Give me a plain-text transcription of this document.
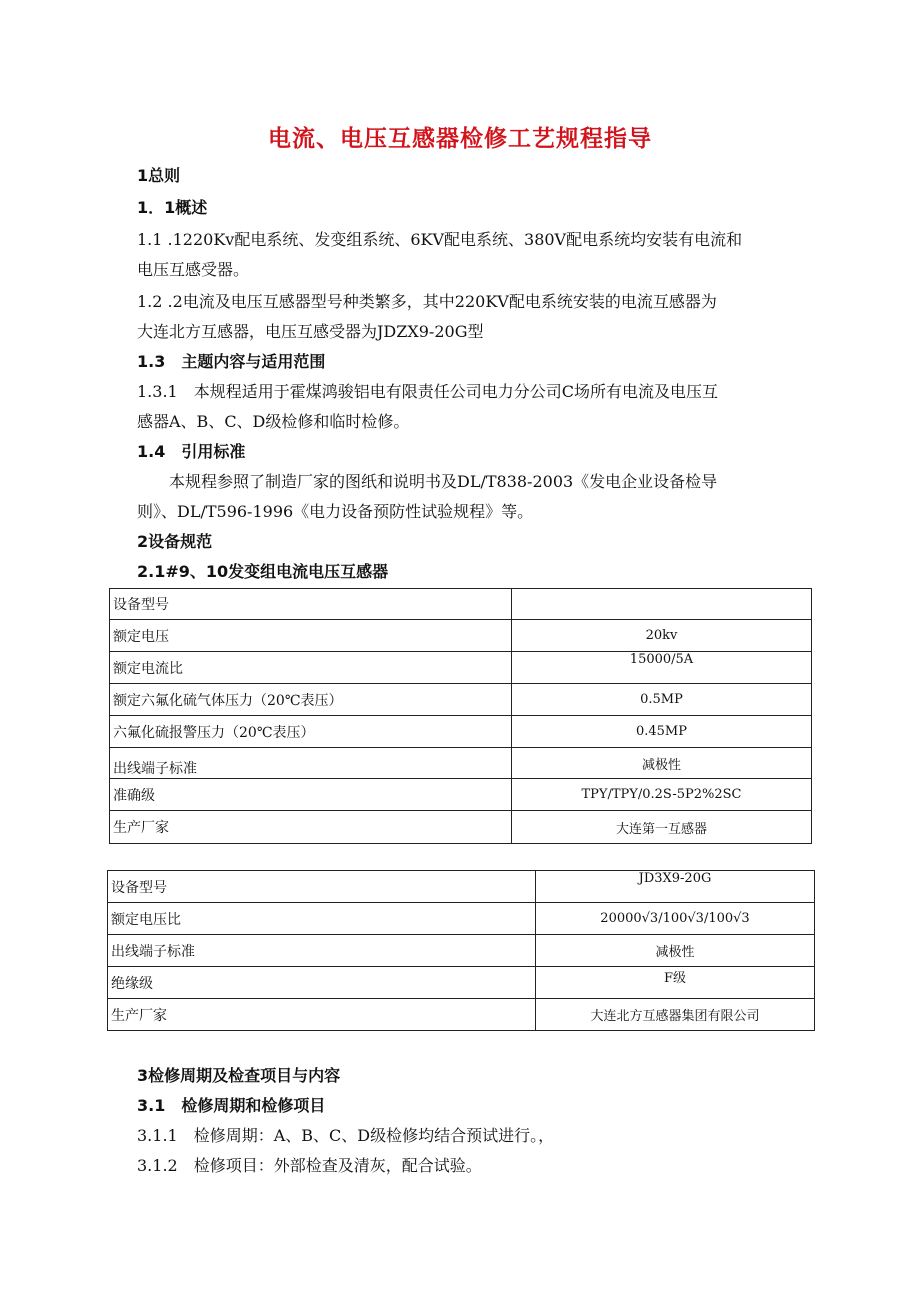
电流、电压互感器检修工艺规程指导
1总则
1．1概述
1.1 .1220Kv配电系统、发变组系统、6KV配电系统、380V配电系统均安装有电流和
电压互感受器。
1.2 .2电流及电压互感器型号种类繁多，其中220KV配电系统安装的电流互感器为
大连北方互感器，电压互感受器为JDZX9-20G型
1.3　主题内容与适用范围
1.3.1　本规程适用于霍煤鸿骏铝电有限责任公司电力分公司C场所有电流及电压互
感器A、B、C、D级检修和临时检修。
1.4　引用标准
　　本规程参照了制造厂家的图纸和说明书及DL/T838-2003《发电企业设备检导
则》、DL/T596-1996《电力设备预防性试验规程》等。
2设备规范
2.1#9、10发变组电流电压互感器
设备型号	
额定电压	20kv
额定电流比	15000/5A
额定六氟化硫气体压力（20℃表压）	0.5MP
六氟化硫报警压力（20℃表压）	0.45MP
出线端子标准	减极性
准确级	TPY/TPY/0.2S-5P2%2SC
生产厂家	大连第一互感器
设备型号	JD3X9-20G
额定电压比	20000√3/100√3/100√3
出线端子标准	减极性
绝缘级	F级
生产厂家	大连北方互感器集团有限公司
3检修周期及检查项目与内容
3.1　检修周期和检修项目
3.1.1　检修周期：A、B、C、D级检修均结合预试进行。，
3.1.2　检修项目：外部检查及清灰，配合试验。
